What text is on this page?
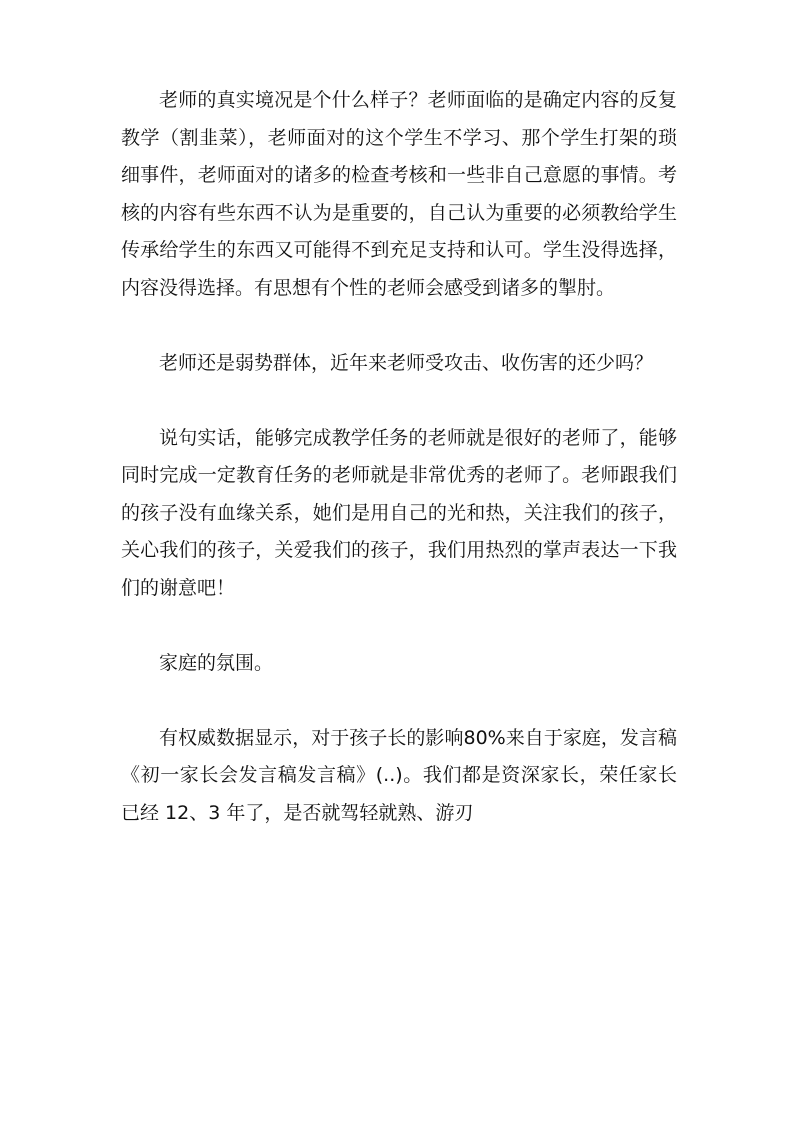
老师的真实境况是个什么样子？老师面临的是确定内容的反复教学（割韭菜），老师面对的这个学生不学习、那个学生打架的琐细事件，老师面对的诸多的检查考核和一些非自己意愿的事情。考核的内容有些东西不认为是重要的，自己认为重要的必须教给学生传承给学生的东西又可能得不到充足支持和认可。学生没得选择，内容没得选择。有思想有个性的老师会感受到诸多的掣肘。

老师还是弱势群体，近年来老师受攻击、收伤害的还少吗？

说句实话，能够完成教学任务的老师就是很好的老师了，能够同时完成一定教育任务的老师就是非常优秀的老师了。老师跟我们的孩子没有血缘关系，她们是用自己的光和热，关注我们的孩子，关心我们的孩子，关爱我们的孩子，我们用热烈的掌声表达一下我们的谢意吧！

家庭的氛围。

有权威数据显示，对于孩子长的影响80%来自于家庭，发言稿《初一家长会发言稿发言稿》(..)。我们都是资深家长，荣任家长已经 12、3 年了，是否就驾轻就熟、游刃
